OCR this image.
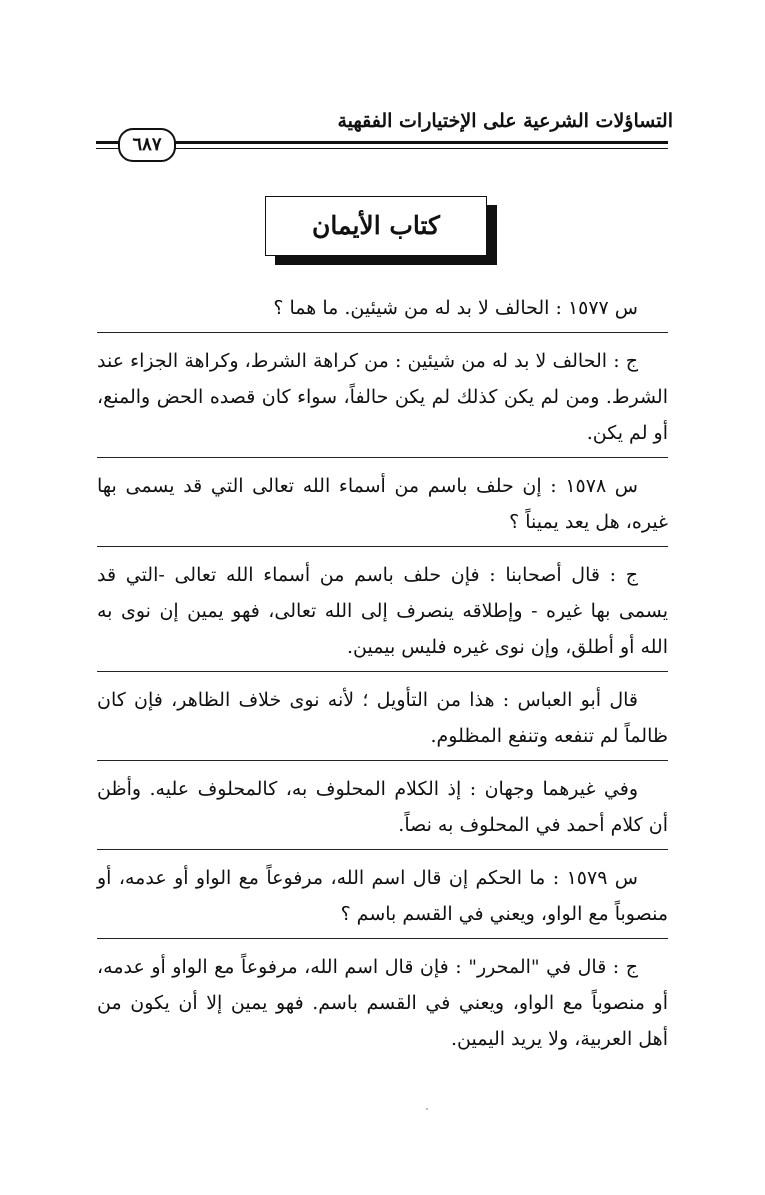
التساؤلات الشرعية على الإختيارات الفقهية
٦٨٧
كتاب الأيمان

س ١٥٧٧ : الحالف لا بد له من شيئين. ما هما ؟

ج : الحالف لا بد له من شيئين : من كراهة الشرط، وكراهة الجزاء عند الشرط. ومن لم يكن كذلك لم يكن حالفاً، سواء كان قصده الحض والمنع، أو لم يكن.

س ١٥٧٨ : إن حلف باسم من أسماء الله تعالى التي قد يسمى بها غيره، هل يعد يميناً ؟

ج : قال أصحابنا : فإن حلف باسم من أسماء الله تعالى -التي قد يسمى بها غيره - وإطلاقه ينصرف إلى الله تعالى، فهو يمين إن نوى به الله أو أطلق، وإن نوى غيره فليس بيمين.

قال أبو العباس : هذا من التأويل ؛ لأنه نوى خلاف الظاهر، فإن كان ظالماً لم تنفعه وتنفع المظلوم.

وفي غيرهما وجهان : إذ الكلام المحلوف به، كالمحلوف عليه. وأظن أن كلام أحمد في المحلوف به نصاً.

س ١٥٧٩ : ما الحكم إن قال اسم الله، مرفوعاً مع الواو أو عدمه، أو منصوباً مع الواو، ويعني في القسم باسم ؟

ج : قال في "المحرر" : فإن قال اسم الله، مرفوعاً مع الواو أو عدمه، أو منصوباً مع الواو، ويعني في القسم باسم. فهو يمين إلا أن يكون من أهل العربية، ولا يريد اليمين.
